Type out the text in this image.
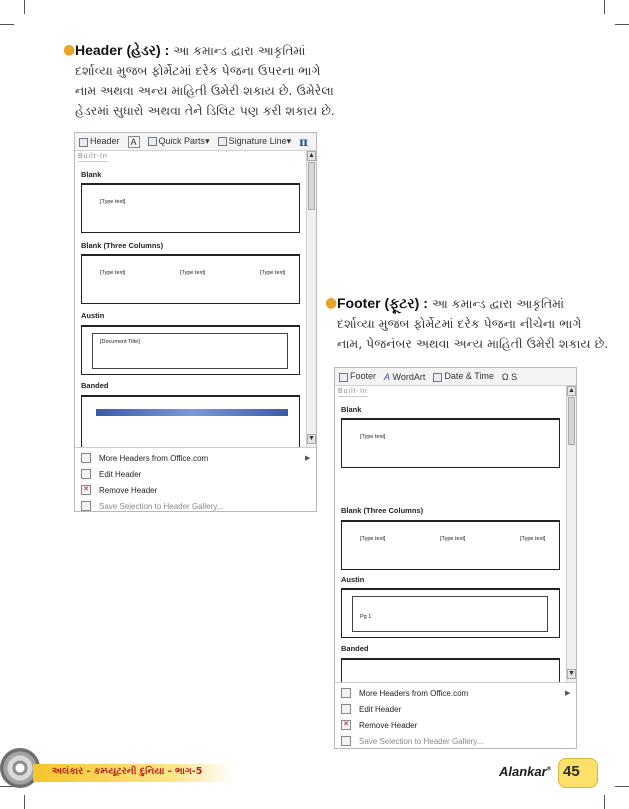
● Header (હેડર) : આ કમાન્ડ દ્વારા આકૃતિમાં
દર્શાવ્યા મુજબ ફોર્મેટમાં દરેક પેજના ઉપરના ભાગે
નામ અથવા અન્ય માહિતી ઉમેરી શકાય છે. ઉમેરેલા
હેડરમાં સુધારો અથવા તેને ડિલિટ પણ કરી શકાય છે.
Header	A	Quick Parts▾	Signature Line▾ π
Built-In
Blank
[Type text]
Blank (Three Columns)
[Type text]	[Type text]	[Type text]
Austin
[Document Title]
Banded
▲
▼
More Headers from Office.com	▶
Edit Header
✕ Remove Header
Save Selection to Header Gallery...
● Footer (ફૂટર) : આ કમાન્ડ દ્વારા આકૃતિમાં
દર્શાવ્યા મુજબ ફોર્મેટમાં દરેક પેજના નીચેના ભાગે
નામ, પેજનંબર અથવા અન્ય માહિતી ઉમેરી શકાય છે.
Footer A WordArt	Date & Time Ω S
Built-In
Blank
[Type text]
Blank (Three Columns)
[Type text]	[Type text]	[Type text]
Austin
Pg 1
Banded
▲
▼
More Headers from Office.com	▶
Edit Header
✕ Remove Header
Save Selection to Header Gallery...
અલંકાર - કમ્પ્યૂટરની દુનિયા - ભાગ-5	Alankar® 45
